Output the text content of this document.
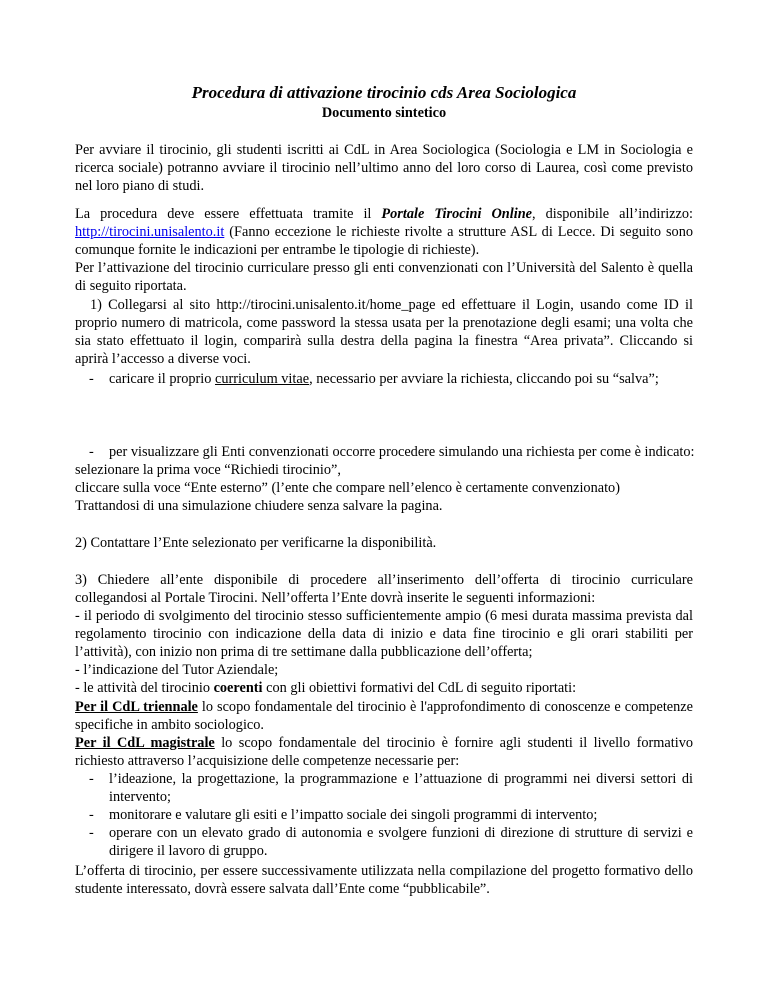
Procedura di attivazione tirocinio cds Area Sociologica
Documento sintetico

Per avviare il tirocinio, gli studenti iscritti ai CdL in Area Sociologica (Sociologia e LM in Sociologia e ricerca sociale) potranno avviare il tirocinio nell’ultimo anno del loro corso di Laurea, così come previsto nel loro piano di studi.

La procedura deve essere effettuata tramite il Portale Tirocini Online, disponibile all’indirizzo: http://tirocini.unisalento.it (Fanno eccezione le richieste rivolte a strutture ASL di Lecce. Di seguito sono comunque fornite le indicazioni per entrambe le tipologie di richieste).

Per l’attivazione del tirocinio curriculare presso gli enti convenzionati con l’Università del Salento è quella di seguito riportata.

1) Collegarsi al sito http://tirocini.unisalento.it/home_page ed effettuare il Login, usando come ID il proprio numero di matricola, come password la stessa usata per la prenotazione degli esami; una volta che sia stato effettuato il login, comparirà sulla destra della pagina la finestra “Area privata”. Cliccando si aprirà l’accesso a diverse voci.

- caricare il proprio curriculum vitae, necessario per avviare la richiesta, cliccando poi su “salva”;

- per visualizzare gli Enti convenzionati occorre procedere simulando una richiesta per come è indicato:

selezionare la prima voce “Richiedi tirocinio”,

cliccare sulla voce “Ente esterno” (l’ente che compare nell’elenco è certamente convenzionato)

Trattandosi di una simulazione chiudere senza salvare la pagina.

2) Contattare l’Ente selezionato per verificarne la disponibilità.

3) Chiedere all’ente disponibile di procedere all’inserimento dell’offerta di tirocinio curriculare collegandosi al Portale Tirocini. Nell’offerta l’Ente dovrà inserite le seguenti informazioni:

- il periodo di svolgimento del tirocinio stesso sufficientemente ampio (6 mesi durata massima prevista dal regolamento tirocinio con indicazione della data di inizio e data fine tirocinio e gli orari stabiliti per l’attività), con inizio non prima di tre settimane dalla pubblicazione dell’offerta;

- l’indicazione del Tutor Aziendale;

- le attività del tirocinio coerenti con gli obiettivi formativi del CdL di seguito riportati:

Per il CdL triennale lo scopo fondamentale del tirocinio è l'approfondimento di conoscenze e competenze specifiche in ambito sociologico.

Per il CdL magistrale lo scopo fondamentale del tirocinio è fornire agli studenti il livello formativo richiesto attraverso l’acquisizione delle competenze necessarie per:

- l’ideazione, la progettazione, la programmazione e l’attuazione di programmi nei diversi settori di intervento;

- monitorare e valutare gli esiti e l’impatto sociale dei singoli programmi di intervento;

- operare con un elevato grado di autonomia e svolgere funzioni di direzione di strutture di servizi e dirigere il lavoro di gruppo.

L’offerta di tirocinio, per essere successivamente utilizzata nella compilazione del progetto formativo dello studente interessato, dovrà essere salvata dall’Ente come “pubblicabile”.
